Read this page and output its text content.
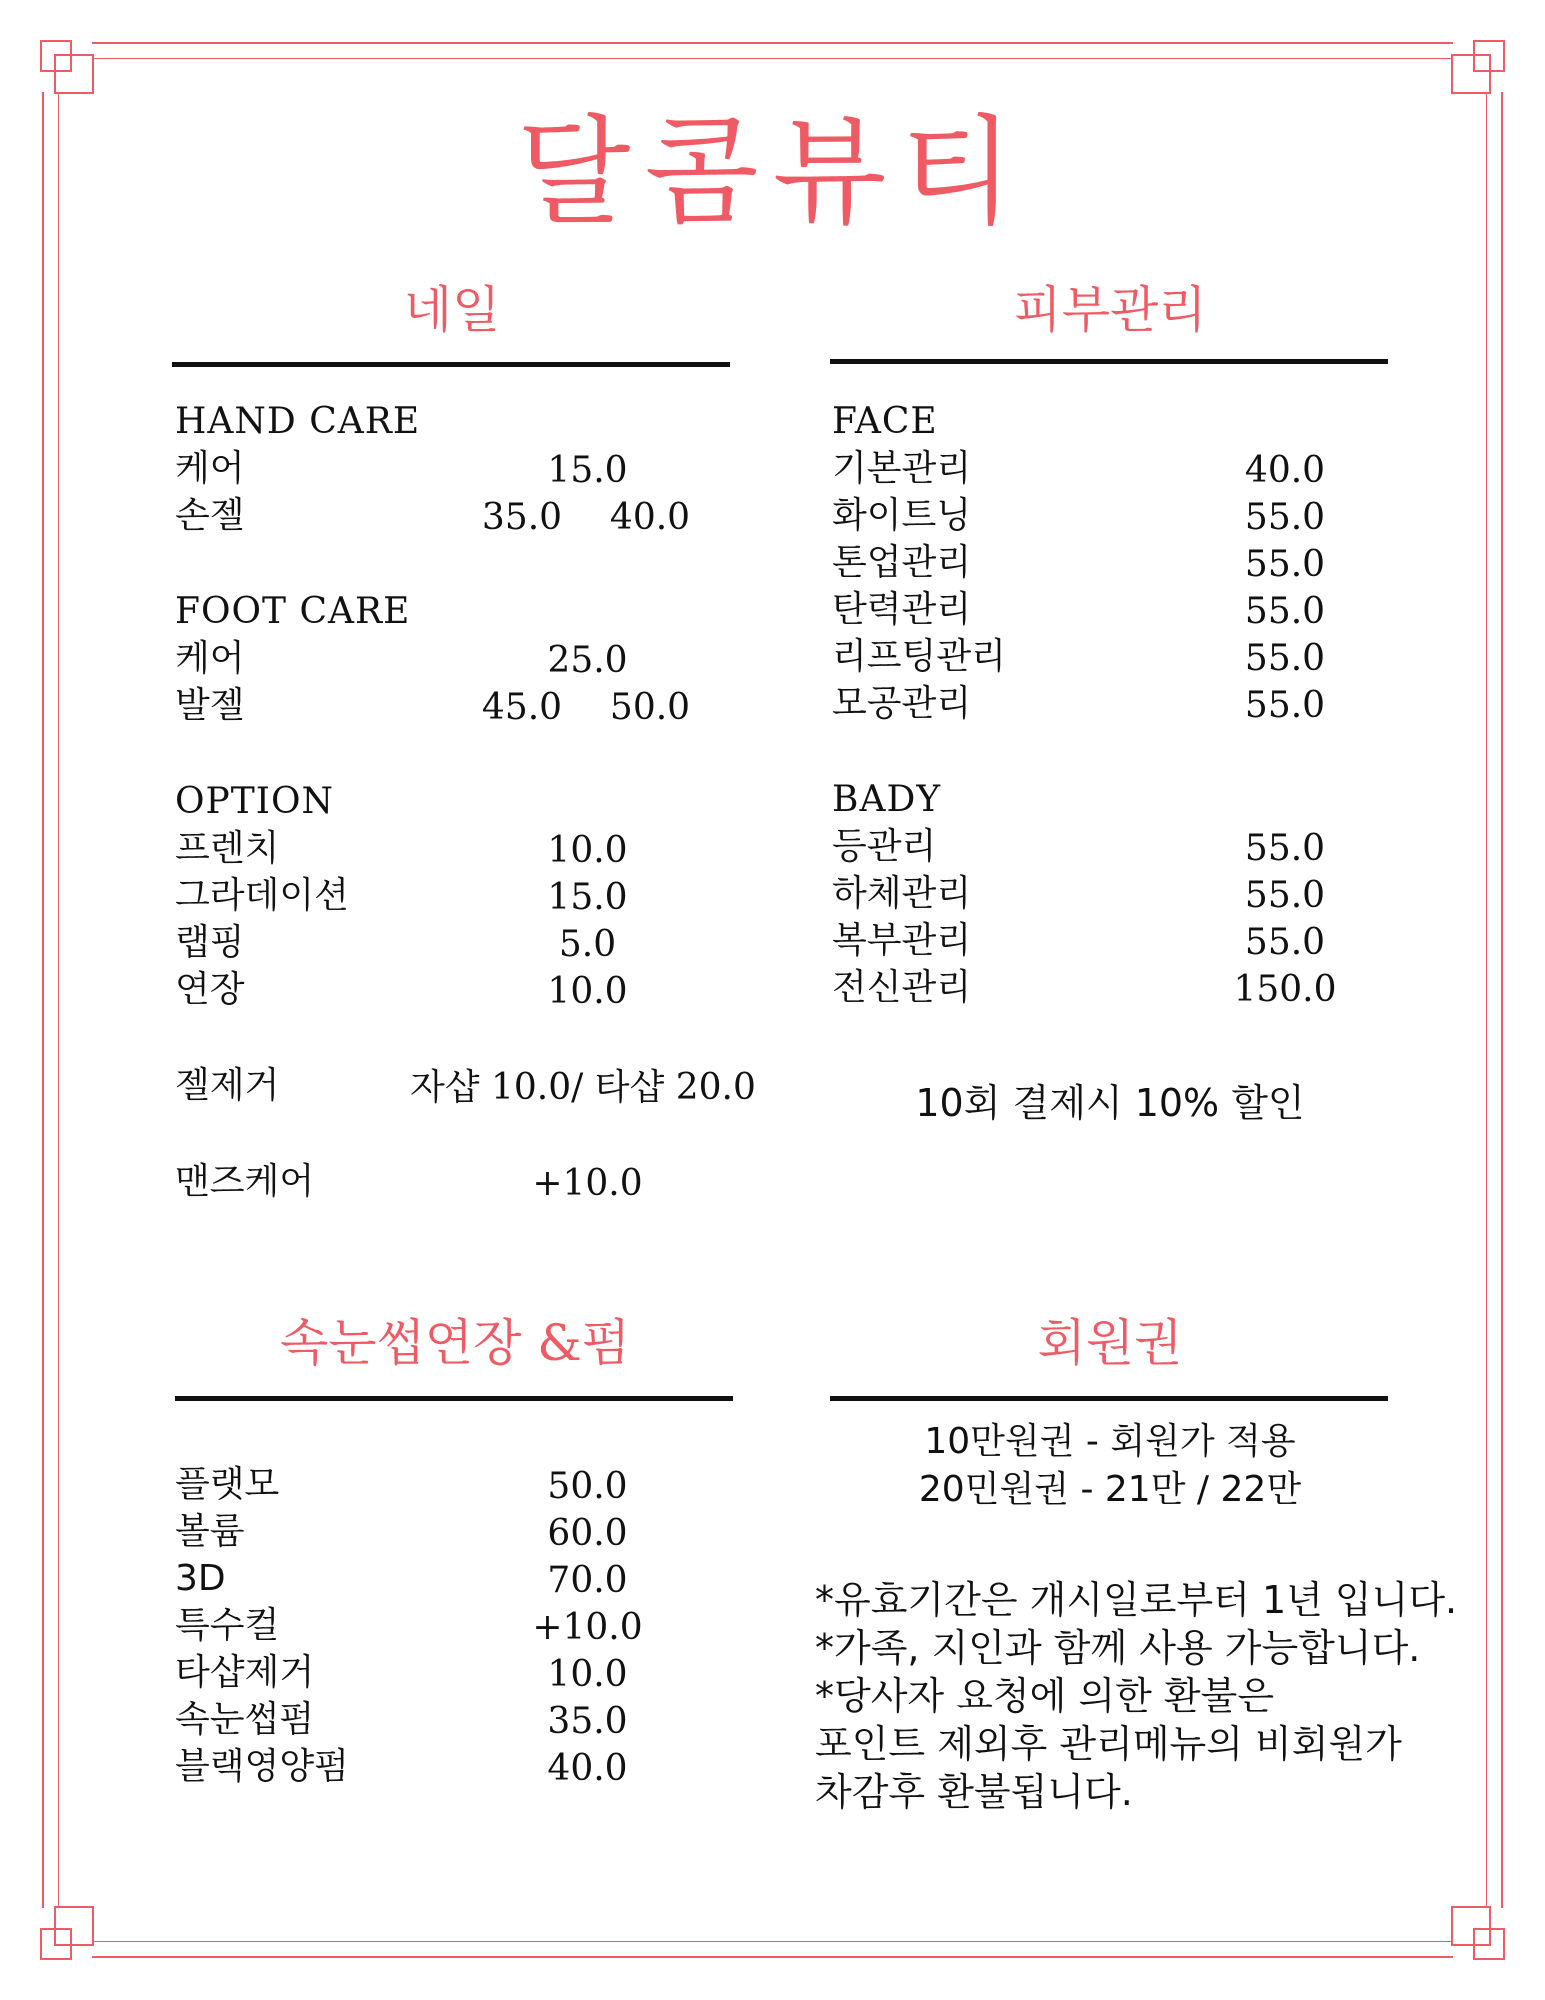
달콤뷰티
네일
HAND CARE
케어	15.0
손젤	35.0	40.0
FOOT CARE
케어	25.0
발젤	45.0	50.0
OPTION
프렌치	10.0
그라데이션	15.0
랩핑	5.0
연장	10.0
젤제거	자샵 10.0/ 타샵 20.0
맨즈케어	+10.0
피부관리
FACE
기본관리	40.0
화이트닝	55.0
톤업관리	55.0
탄력관리	55.0
리프팅관리	55.0
모공관리	55.0
BADY
등관리	55.0
하체관리	55.0
복부관리	55.0
전신관리	150.0
10회 결제시 10% 할인
속눈썹연장 &펌
플랫모	50.0
볼륨	60.0
3D	70.0
특수컬	+10.0
타샵제거	10.0
속눈썹펌	35.0
블랙영양펌	40.0
회원권
10만원권 - 회원가 적용
20민원권 - 21만 / 22만
*유효기간은 개시일로부터 1년 입니다.
*가족, 지인과 함께 사용 가능합니다.
*당사자 요청에 의한 환불은
포인트 제외후 관리메뉴의 비회원가
차감후 환불됩니다.
